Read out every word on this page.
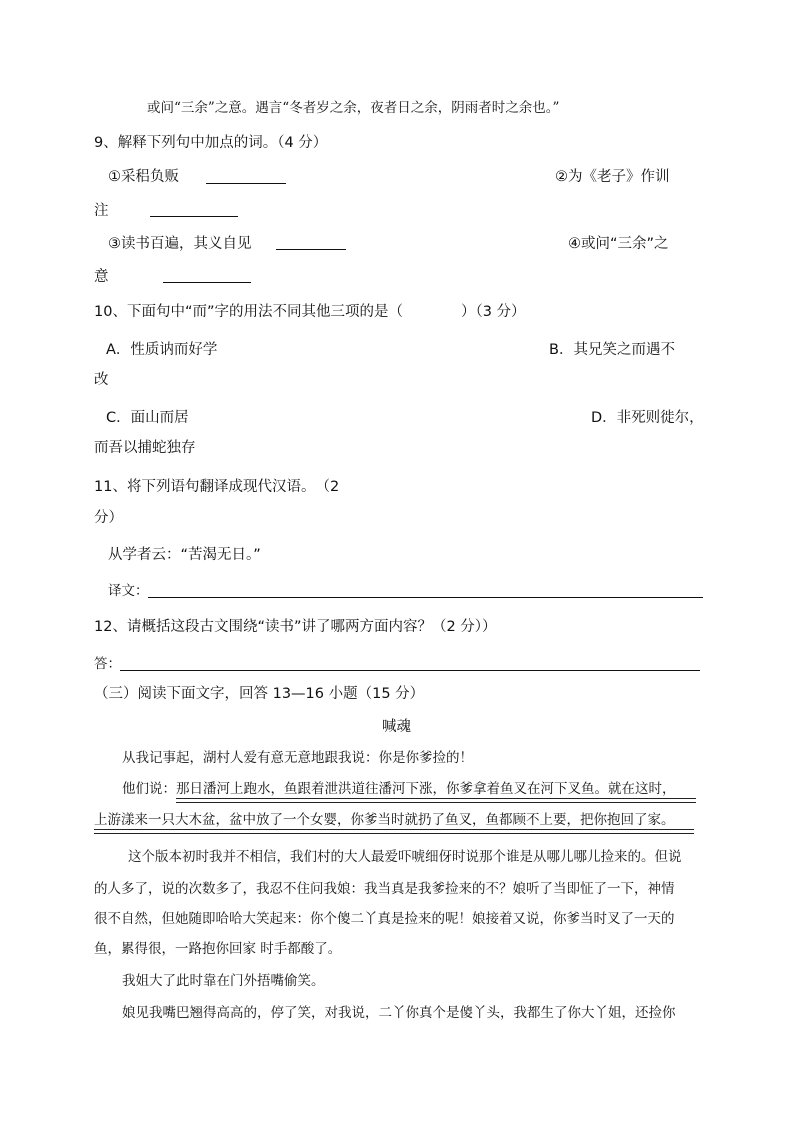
或问“三余”之意。遇言“冬者岁之余，夜者日之余，阴雨者时之余也。”
9、解释下列句中加点的词。（4 分）
①采稆负贩	②为《老子》作训
注
③读书百遍，其义自见	④或问“三余”之
意
10、下面句中“而”字的用法不同其他三项的是（　　　　）（3 分）
A．性质讷而好学	B．其兄笑之而遇不
改
C．面山而居	D．非死则徙尔，
而吾以捕蛇独存
11、将下列语句翻译成现代汉语。　（2
分）
从学者云：“苦渴无日。”
译文：
12、请概括这段古文围绕“读书”讲了哪两方面内容？（2 分））
答：
（三）阅读下面文字，回答 13—16 小题（15 分）
喊魂
从我记事起，湖村人爱有意无意地跟我说：你是你爹捡的！
他们说：那日潘河上跑水，鱼跟着泄洪道往潘河下涨，你爹拿着鱼叉在河下叉鱼。就在这时，
上游漾来一只大木盆，盆中放了一个女婴，你爹当时就扔了鱼叉，鱼都顾不上要，把你抱回了家。
这个版本初时我并不相信，我们村的大人最爱吓唬细伢时说那个谁是从哪儿哪儿捡来的。但说
的人多了，说的次数多了，我忍不住问我娘：我当真是我爹捡来的不？娘听了当即怔了一下，神情
很不自然，但她随即哈哈大笑起来：你个傻二丫真是捡来的呢！娘接着又说，你爹当时叉了一天的
鱼，累得很，一路抱你回家 时手都酸了。
我姐大了此时靠在门外捂嘴偷笑。
娘见我嘴巴翘得高高的，停了笑，对我说，二丫你真个是傻丫头，我都生了你大丫姐，还捡你
